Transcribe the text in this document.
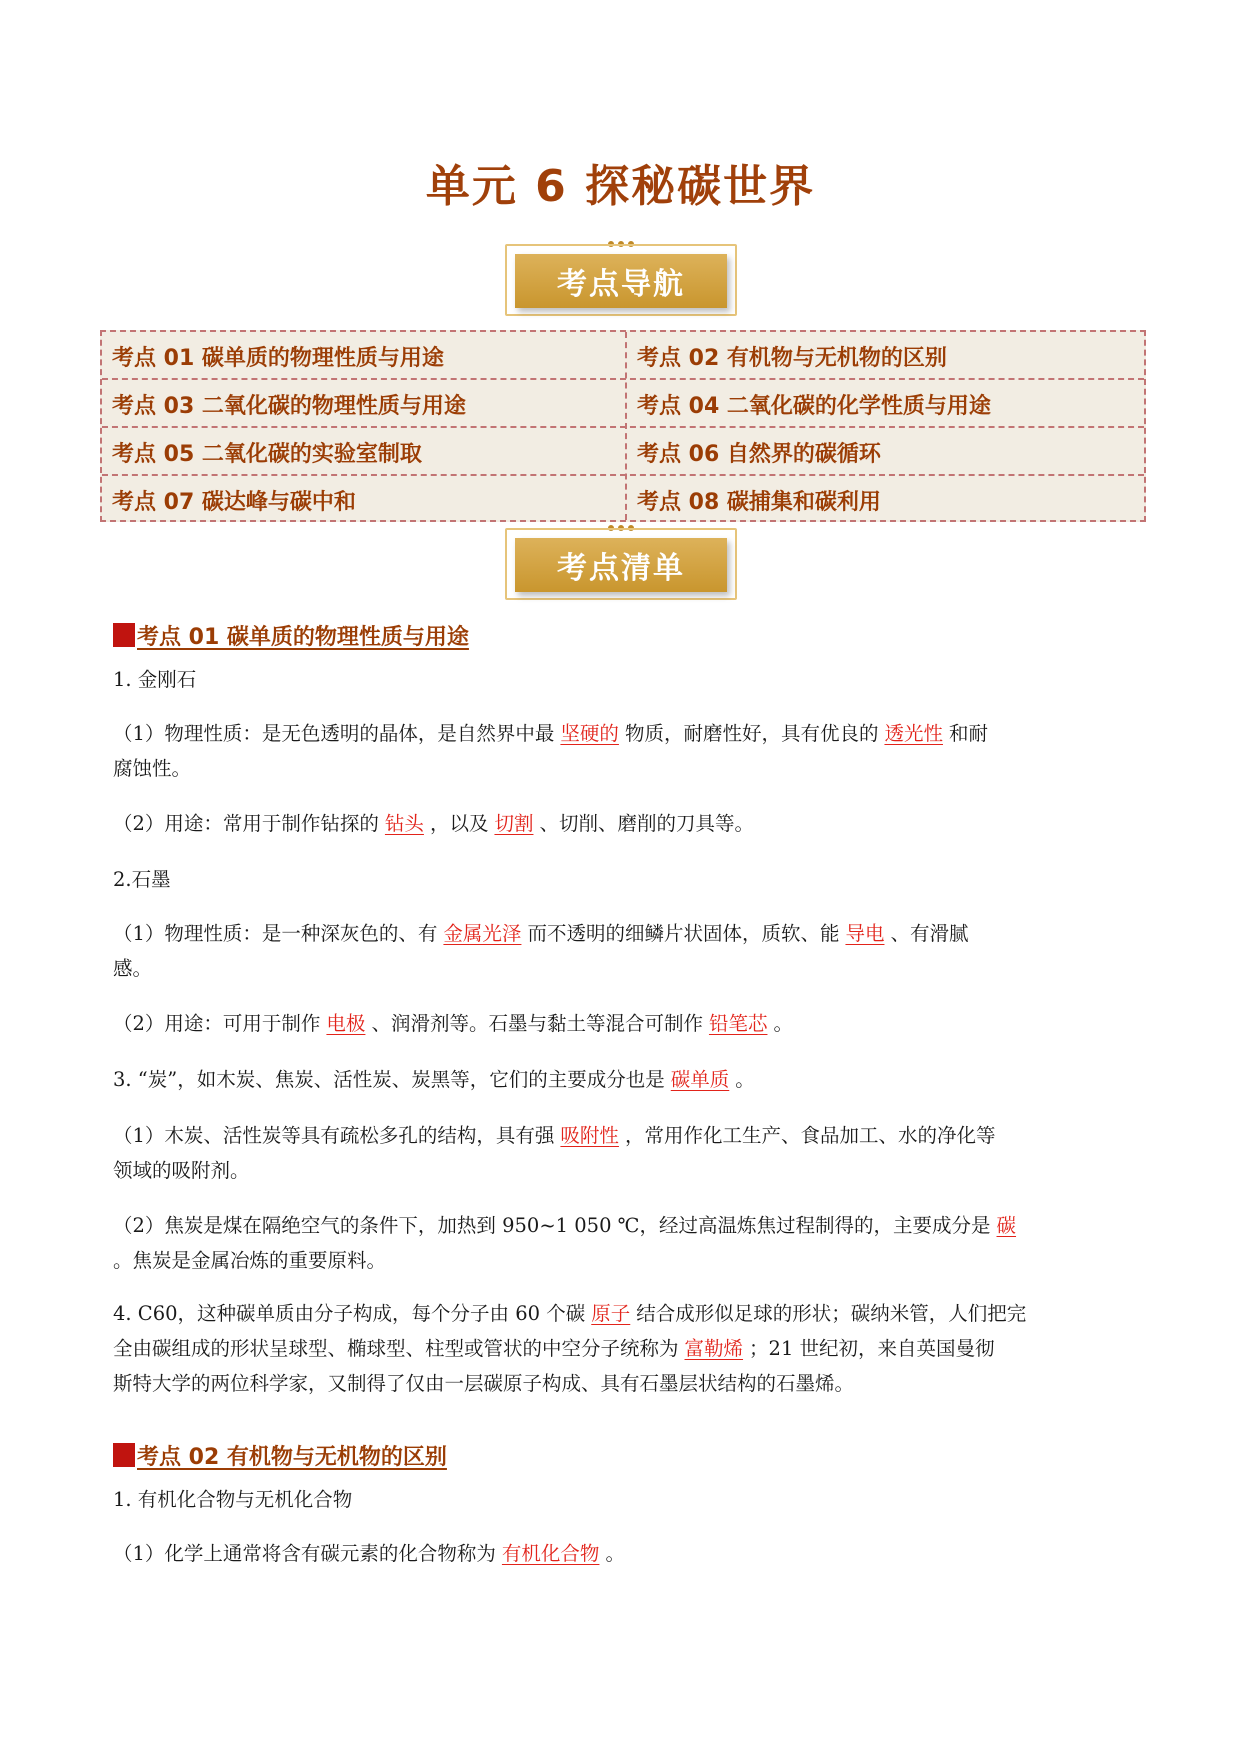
单元 6 探秘碳世界
考点导航
考点 01 碳单质的物理性质与用途	考点 02 有机物与无机物的区别
考点 03 二氧化碳的物理性质与用途	考点 04 二氧化碳的化学性质与用途
考点 05 二氧化碳的实验室制取	考点 06 自然界的碳循环
考点 07 碳达峰与碳中和	考点 08 碳捕集和碳利用
考点清单
考点 01 碳单质的物理性质与用途
1. 金刚石
（1）物理性质：是无色透明的晶体，是自然界中最 坚硬的 物质，耐磨性好，具有优良的 透光性 和耐
腐蚀性。
（2）用途：常用于制作钻探的 钻头 ，以及 切割 、切削、磨削的刀具等。
2.石墨
（1）物理性质：是一种深灰色的、有 金属光泽 而不透明的细鳞片状固体，质软、能 导电 、有滑腻
感。
（2）用途：可用于制作 电极 、润滑剂等。石墨与黏土等混合可制作 铅笔芯 。
3. “炭”，如木炭、焦炭、活性炭、炭黑等，它们的主要成分也是 碳单质 。
（1）木炭、活性炭等具有疏松多孔的结构，具有强 吸附性 ，常用作化工生产、食品加工、水的净化等
领域的吸附剂。
（2）焦炭是煤在隔绝空气的条件下，加热到 950~1 050 ℃，经过高温炼焦过程制得的，主要成分是 碳
。焦炭是金属冶炼的重要原料。
4. C60，这种碳单质由分子构成，每个分子由 60 个碳 原子 结合成形似足球的形状；碳纳米管，人们把完
全由碳组成的形状呈球型、椭球型、柱型或管状的中空分子统称为 富勒烯 ；21 世纪初，来自英国曼彻
斯特大学的两位科学家，又制得了仅由一层碳原子构成、具有石墨层状结构的石墨烯。
考点 02 有机物与无机物的区别
1. 有机化合物与无机化合物
（1）化学上通常将含有碳元素的化合物称为 有机化合物 。
